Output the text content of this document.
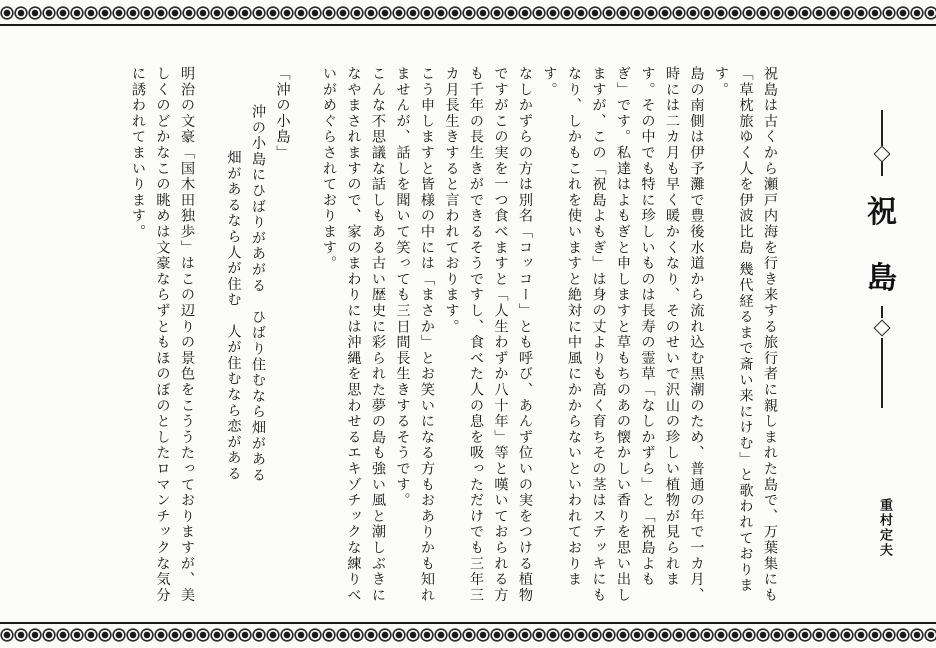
祝
島
重村定夫

祝島は古くから瀬戸内海を行き来する旅行者に親しまれた島で、万葉集にも「草枕旅ゆく人を伊波比島 幾代経るまで斎い来にけむ」と歌われております。

島の南側は伊予灘で豊後水道から流れ込む黒潮のため、普通の年で一カ月、時には二カ月も早く暖かくなり、そのせいで沢山の珍しい植物が見られます。その中でも特に珍しいものは長寿の霊草「なしかずら」と「祝島よもぎ」です。私達はよもぎと申しますと草もちのあの懐かしい香りを思い出しますが、この「祝島よもぎ」は身の丈よりも高く育ちその茎はステッキにもなり、しかもこれを使いますと絶対に中風にかからないといわれております。

なしかずらの方は別名「コッコー」とも呼び、あんず位いの実をつける植物ですがこの実を一つ食べますと「人生わずか八十年」等と嘆いておられる方も千年の長生きができるそうですし、食べた人の息を吸っただけでも三年三カ月長生きすると言われております。

こう申しますと皆様の中には「まさか」とお笑いになる方もおありかも知れませんが、話しを聞いて笑っても三日間長生きするそうです。

こんな不思議な話しもある古い歴史に彩られた夢の島も強い風と潮しぶきになやまされますので、家のまわりには沖縄を思わせるエキゾチックな練りべいがめぐらされております。

「沖の小島」

沖の小島にひばりがあがる　ひばり住むなら畑がある

畑があるなら人が住む　人が住むなら恋がある

明治の文豪「国木田独歩」はこの辺りの景色をこううたっておりますが、美しくのどかなこの眺めは文豪ならずともほのぼのとしたロマンチックな気分に誘われてまいります。
